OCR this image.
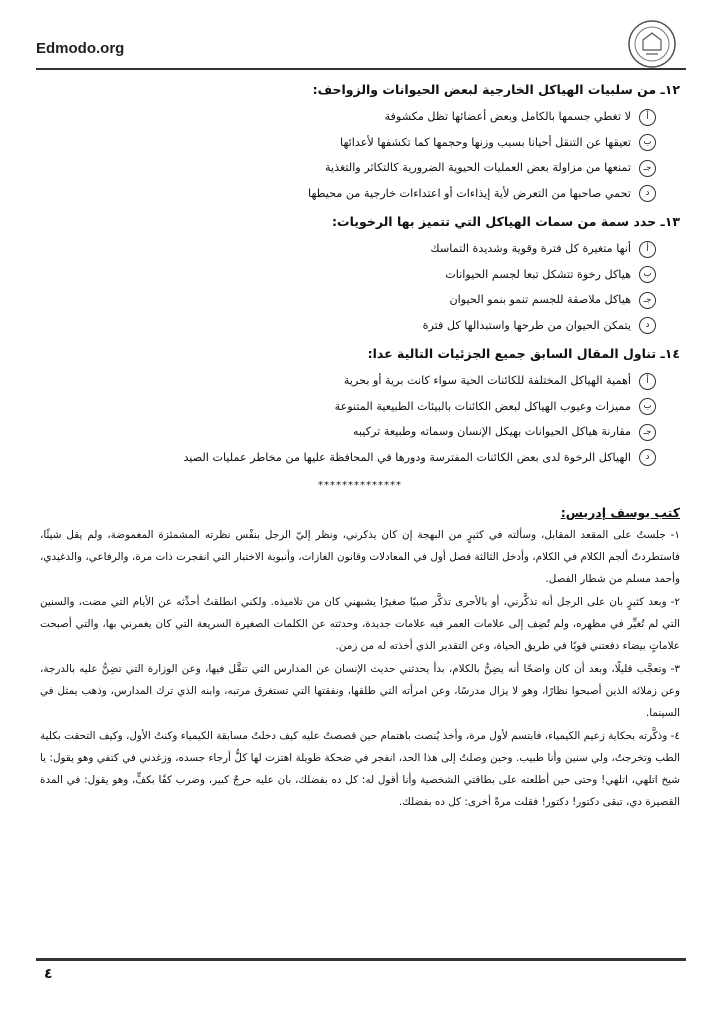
Edmodo.org
١٢ـ من سلبيات الهياكل الخارجية لبعض الحيوانات والزواحف:
ألا تغطي جسمها بالكامل وبعض أعضائها تظل مكشوفة
بتعيقها عن التنقل أحيانا بسبب وزنها وحجمها كما تكشفها لأعدائها
جـتمنعها من مزاولة بعض العمليات الحيوية الضرورية كالتكاثر والتغذية
دتحمي صاحبها من التعرض لأية إيذاءات أو اعتداءات خارجية من محيطها
١٣ـ حدد سمة من سمات الهياكل التي تتميز بها الرخويات:
أأنها متغيرة كل فترة وقوية وشديدة التماسك
بهياكل رخوة تتشكل تبعا لجسم الحيوانات
جـهياكل ملاصقة للجسم تنمو بنمو الحيوان
ديتمكن الحيوان من طرحها واستبدالها كل فترة
١٤ـ تناول المقال السابق جميع الجزئيات التالية عدا:
أأهمية الهياكل المختلفة للكائنات الحية سواء كانت برية أو بحرية
بمميزات وعيوب الهياكل لبعض الكائنات بالبيئات الطبيعية المتنوعة
جـمقارنة هياكل الحيوانات بهيكل الإنسان وسماته وطبيعة تركيبه
دالهياكل الرخوة لدى بعض الكائنات المفترسة ودورها في المحافظة عليها من مخاطر عمليات الصيد
**************
كتب يوسف إدريس:

١- جلستُ على المقعد المقابل، وسألته في كثيرٍ من البهجة إن كان يذكرني، ونظر إليّ الرجل بنفْس نظرته المشمئزة المغموضة، ولم يقل شيئًا، فاستطردتُ ألجم الكلام في الكلام، وأدخل الثالثة فصل أول في المعادلات وقانون الغازات، وأنبوبة الاختبار التي انفجرت ذات مرة، والرفاعي، والدغيدي، وأحمد مسلم من شطار الفصل.

٢- وبعد كثيرٍ بان على الرجل أنه تذكَّرني، أو بالأحرى تذكَّر صبيًا صغيرًا يشبهني كان من تلاميذه. ولكني انطلقتُ أحدِّثه عن الأيام التي مضت، والسنين التي لم تُغيِّر في مظهره، ولم تُضِف إلى علامات العمر فيه علامات جديدة، وحدثته عن الكلمات الصغيرة السريعة التي كان يغمرني بها، والتي أصبحت علاماتٍ بيضاء دفعتني قويًا في طريق الحياة، وعن التقدير الذي أخذته له من زمن.

٣- وتعجَّب قليلًا، وبعد أن كان واضحًا أنه يضِنُّ بالكلام، بدأ يحدثني حديث الإنسان عن المدارس التي تنقَّل فيها، وعن الوزارة التي تضِنُّ عليه بالدرجة، وعن زملائه الذين أصبحوا نظارًا، وهو لا يزال مدرسًا، وعن امرأته التي طلقها، ونفقتها التي تستغرق مرتبه، وابنه الذي ترك المدارس، وذهب يمثل في السينما.

٤- وذكَّرته بحكاية زعيم الكيمياء، فابتسم لأول مرة، وأخذ يُنصت باهتمام حين قصصتُ عليه كيف دخلتُ مسابقة الكيمياء وكنتُ الأول، وكيف التحقت بكلية الطب وتخرجتُ، ولي سنين وأنا طبيب. وحين وصلتُ إلى هذا الحد، انفجر في ضحكة طويلة اهتزت لها كلُّ أرجاء جسده، وزغدني في كتفي وهو يقول: يا شيخ اتلهي، اتلهي! وحتى حين أطلعته على بطاقتي الشخصية وأنا أقول له: كل ده بفضلك، بان عليه حرجٌ كبير، وضرب كفًا بكفٍّ، وهو يقول: في المدة القصيرة دي، تبقى دكتور! دكتور! فقلت مرةً أخرى: كل ده بفضلك.

٤
